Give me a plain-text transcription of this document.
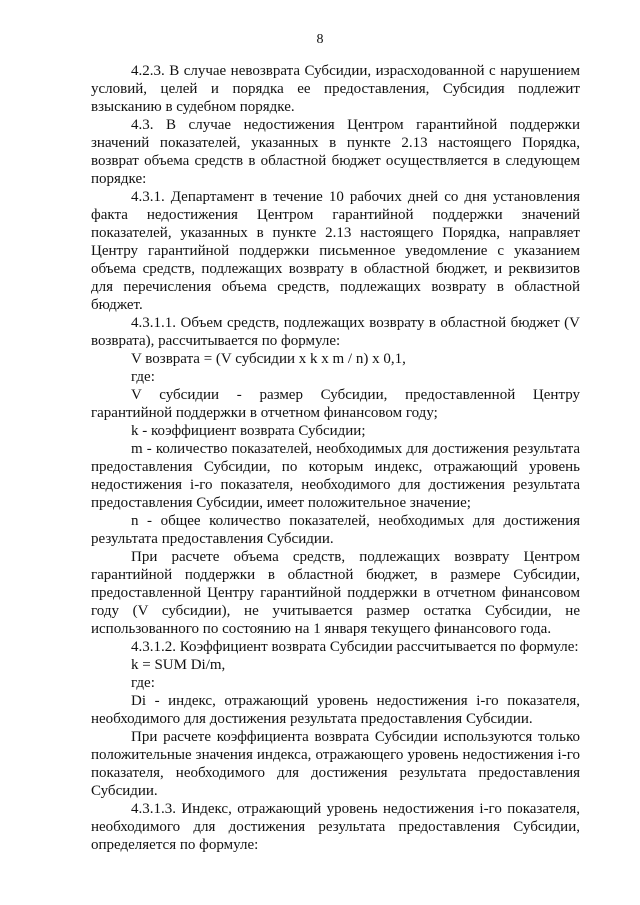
8

4.2.3. В случае невозврата Субсидии, израсходованной с нарушением условий, целей и порядка ее предоставления, Субсидия подлежит взысканию в судебном порядке.

4.3. В случае недостижения Центром гарантийной поддержки значений показателей, указанных в пункте 2.13 настоящего Порядка, возврат объема средств в областной бюджет осуществляется в следующем порядке:

4.3.1. Департамент в течение 10 рабочих дней со дня установления факта недостижения Центром гарантийной поддержки значений показателей, указанных в пункте 2.13 настоящего Порядка, направляет Центру гарантийной поддержки письменное уведомление с указанием объема средств, подлежащих возврату в областной бюджет, и реквизитов для перечисления объема средств, подлежащих возврату в областной бюджет.

4.3.1.1. Объем средств, подлежащих возврату в областной бюджет (V возврата), рассчитывается по формуле:

V возврата = (V субсидии x k x m / n) x 0,1,

где:

V субсидии - размер Субсидии, предоставленной Центру гарантийной поддержки в отчетном финансовом году;

k - коэффициент возврата Субсидии;

m - количество показателей, необходимых для достижения результата предоставления Субсидии, по которым индекс, отражающий уровень недостижения i-го показателя, необходимого для достижения результата предоставления Субсидии, имеет положительное значение;

n - общее количество показателей, необходимых для достижения результата предоставления Субсидии.

При расчете объема средств, подлежащих возврату Центром гарантийной поддержки в областной бюджет, в размере Субсидии, предоставленной Центру гарантийной поддержки в отчетном финансовом году (V субсидии), не учитывается размер остатка Субсидии, не использованного по состоянию на 1 января текущего финансового года.

4.3.1.2. Коэффициент возврата Субсидии рассчитывается по формуле:

k = SUM Di/m,

где:

Di - индекс, отражающий уровень недостижения i-го показателя, необходимого для достижения результата предоставления Субсидии.

При расчете коэффициента возврата Субсидии используются только положительные значения индекса, отражающего уровень недостижения i-го показателя, необходимого для достижения результата предоставления Субсидии.

4.3.1.3. Индекс, отражающий уровень недостижения i-го показателя, необходимого для достижения результата предоставления Субсидии, определяется по формуле:
